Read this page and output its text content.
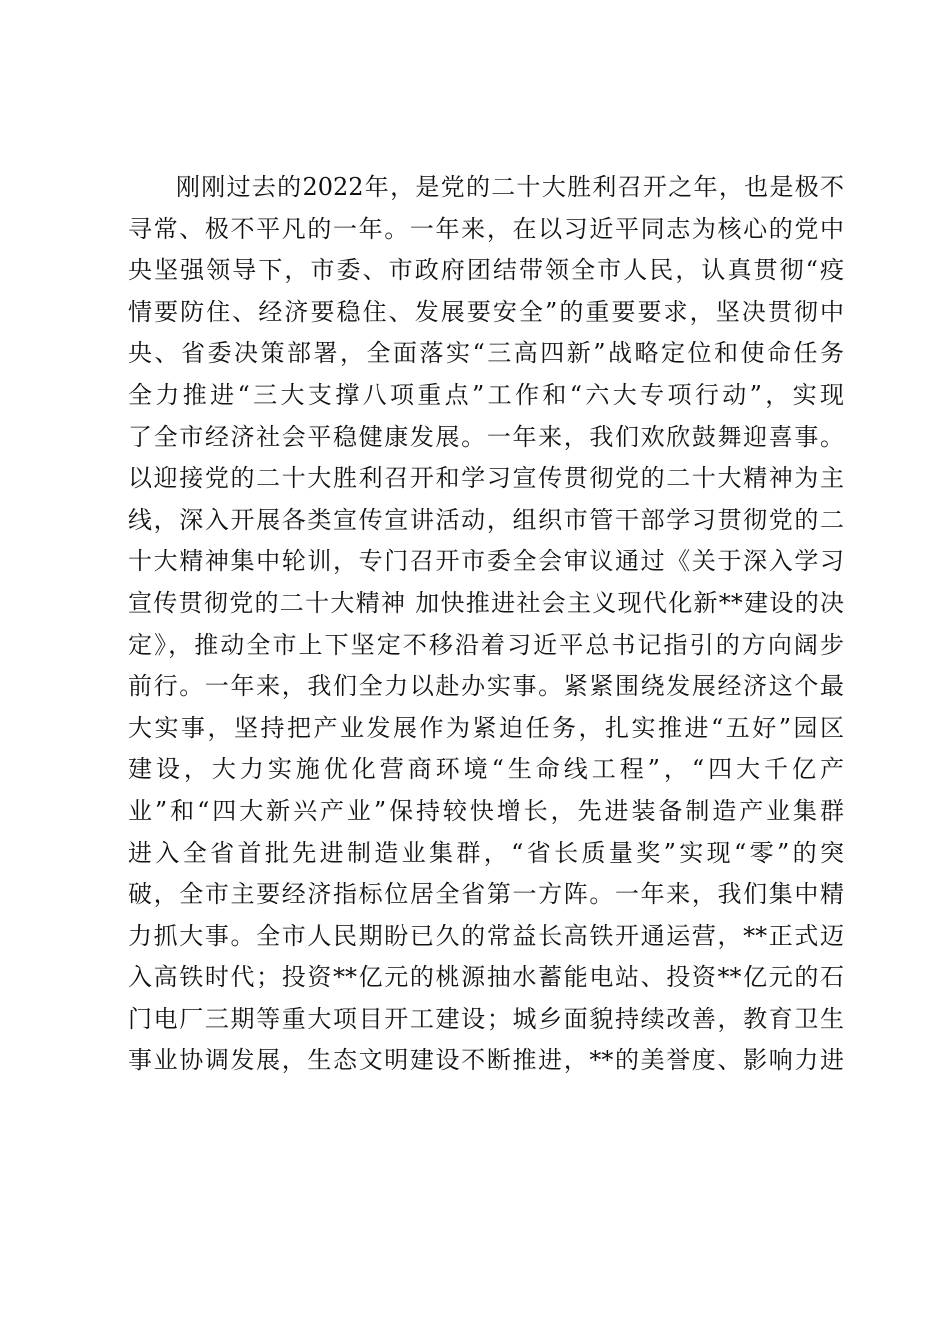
刚刚过去的2022年，是党的二十大胜利召开之年，也是极不
寻常、极不平凡的一年。一年来，在以习近平同志为核心的党中
央坚强领导下，市委、市政府团结带领全市人民，认真贯彻“疫
情要防住、经济要稳住、发展要安全”的重要要求，坚决贯彻中
央、省委决策部署，全面落实“三高四新”战略定位和使命任务
全力推进“三大支撑八项重点”工作和“六大专项行动”，实现
了全市经济社会平稳健康发展。一年来，我们欢欣鼓舞迎喜事。
以迎接党的二十大胜利召开和学习宣传贯彻党的二十大精神为主
线，深入开展各类宣传宣讲活动，组织市管干部学习贯彻党的二
十大精神集中轮训，专门召开市委全会审议通过《关于深入学习
宣传贯彻党的二十大精神 加快推进社会主义现代化新**建设的决
定》，推动全市上下坚定不移沿着习近平总书记指引的方向阔步
前行。一年来，我们全力以赴办实事。紧紧围绕发展经济这个最
大实事，坚持把产业发展作为紧迫任务，扎实推进“五好”园区
建设，大力实施优化营商环境“生命线工程”，“四大千亿产
业”和“四大新兴产业”保持较快增长，先进装备制造产业集群
进入全省首批先进制造业集群，“省长质量奖”实现“零”的突
破，全市主要经济指标位居全省第一方阵。一年来，我们集中精
力抓大事。全市人民期盼已久的常益长高铁开通运营，**正式迈
入高铁时代；投资**亿元的桃源抽水蓄能电站、投资**亿元的石
门电厂三期等重大项目开工建设；城乡面貌持续改善，教育卫生
事业协调发展，生态文明建设不断推进，**的美誉度、影响力进
